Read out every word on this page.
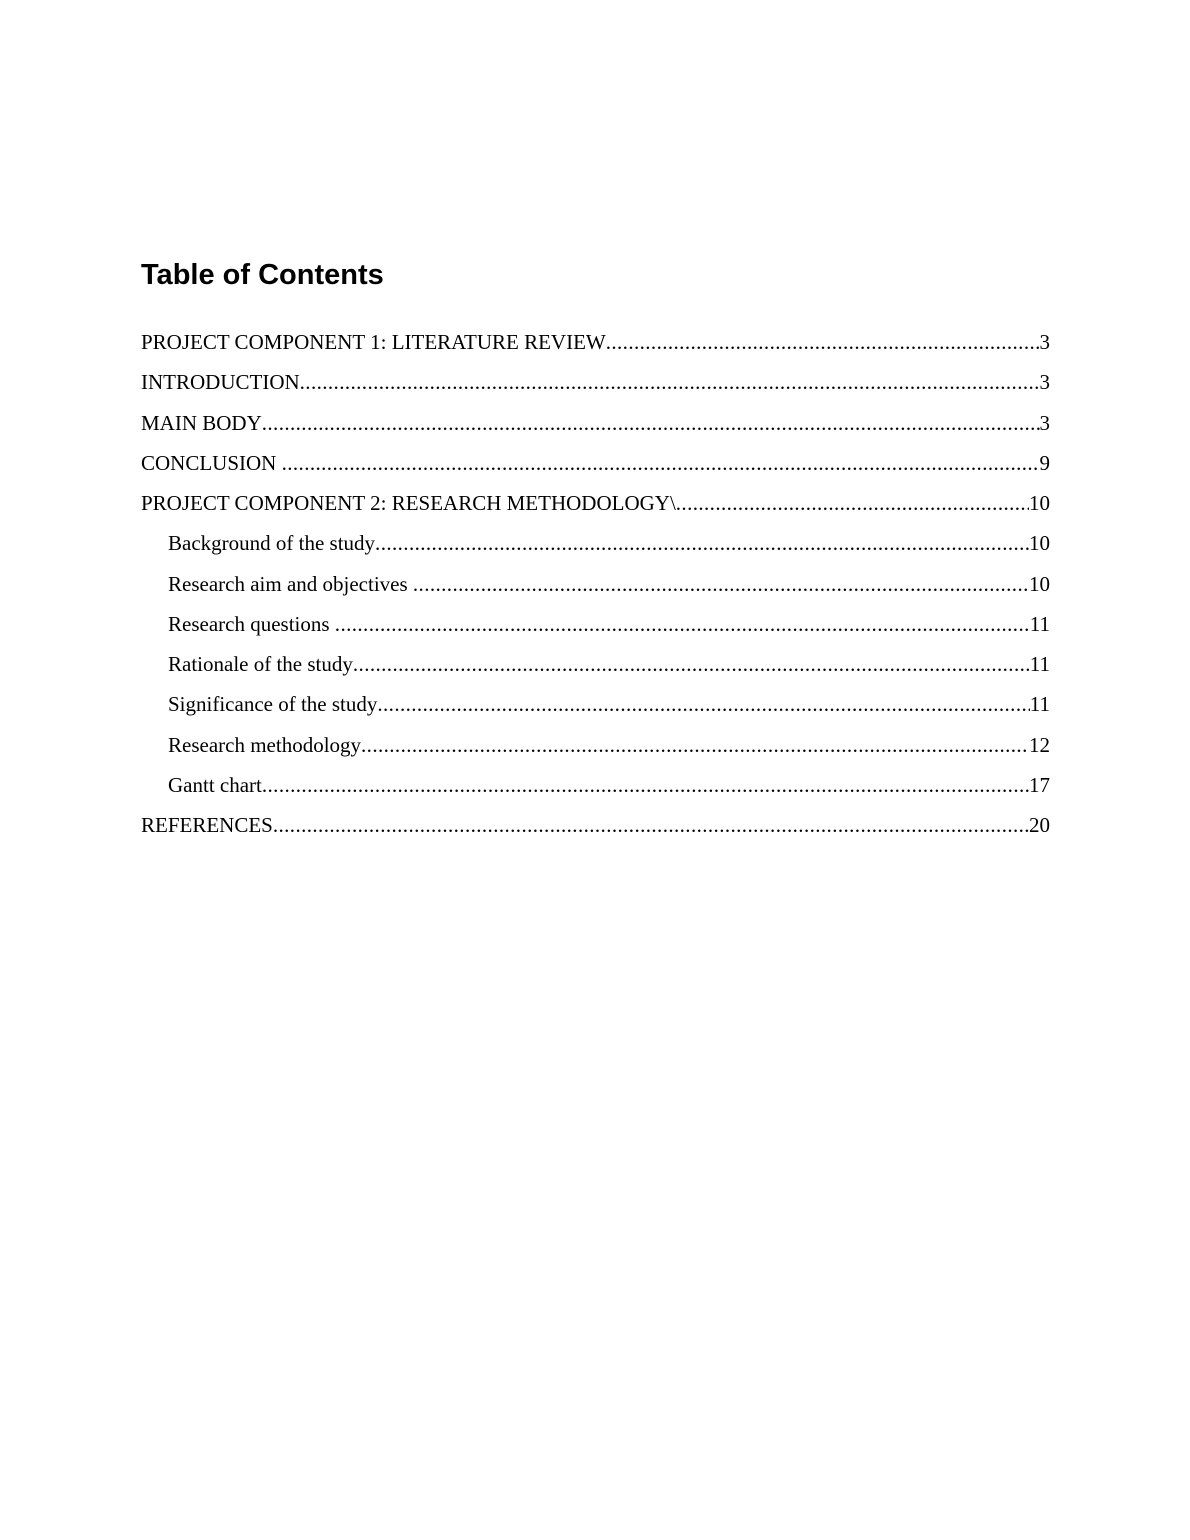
Table of Contents
PROJECT COMPONENT 1: LITERATURE REVIEW .....	3
INTRODUCTION .....	3
MAIN BODY .....	3
CONCLUSION .....	9
PROJECT COMPONENT 2: RESEARCH METHODOLOGY\ .....	10
Background of the study .....	10
Research aim and objectives .....	10
Research questions .....	11
Rationale of the study .....	11
Significance of the study .....	11
Research methodology .....	12
Gantt chart .....	17
REFERENCES .....	20
